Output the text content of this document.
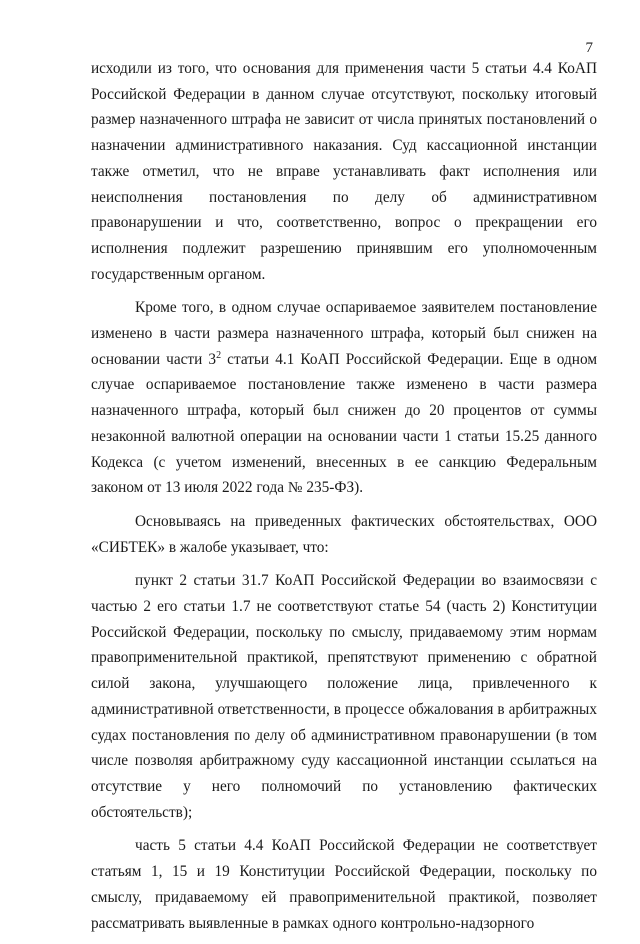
7

исходили из того, что основания для применения части 5 статьи 4.4 КоАП Российской Федерации в данном случае отсутствуют, поскольку итоговый размер назначенного штрафа не зависит от числа принятых постановлений о назначении административного наказания. Суд кассационной инстанции также отметил, что не вправе устанавливать факт исполнения или неисполнения постановления по делу об административном правонарушении и что, соответственно, вопрос о прекращении его исполнения подлежит разрешению принявшим его уполномоченным государственным органом.

Кроме того, в одном случае оспариваемое заявителем постановление изменено в части размера назначенного штрафа, который был снижен на основании части $3^2$ статьи 4.1 КоАП Российской Федерации. Еще в одном случае оспариваемое постановление также изменено в части размера назначенного штрафа, который был снижен до 20 процентов от суммы незаконной валютной операции на основании части 1 статьи 15.25 данного Кодекса (с учетом изменений, внесенных в ее санкцию Федеральным законом от 13 июля 2022 года № 235-ФЗ).

Основываясь на приведенных фактических обстоятельствах, ООО «СИБТЕК» в жалобе указывает, что:

пункт 2 статьи 31.7 КоАП Российской Федерации во взаимосвязи с частью 2 его статьи 1.7 не соответствуют статье 54 (часть 2) Конституции Российской Федерации, поскольку по смыслу, придаваемому этим нормам правоприменительной практикой, препятствуют применению с обратной силой закона, улучшающего положение лица, привлеченного к административной ответственности, в процессе обжалования в арбитражных судах постановления по делу об административном правонарушении (в том числе позволяя арбитражному суду кассационной инстанции ссылаться на отсутствие у него полномочий по установлению фактических обстоятельств);

часть 5 статьи 4.4 КоАП Российской Федерации не соответствует статьям 1, 15 и 19 Конституции Российской Федерации, поскольку по смыслу, придаваемому ей правоприменительной практикой, позволяет рассматривать выявленные в рамках одного контрольно-надзорного
